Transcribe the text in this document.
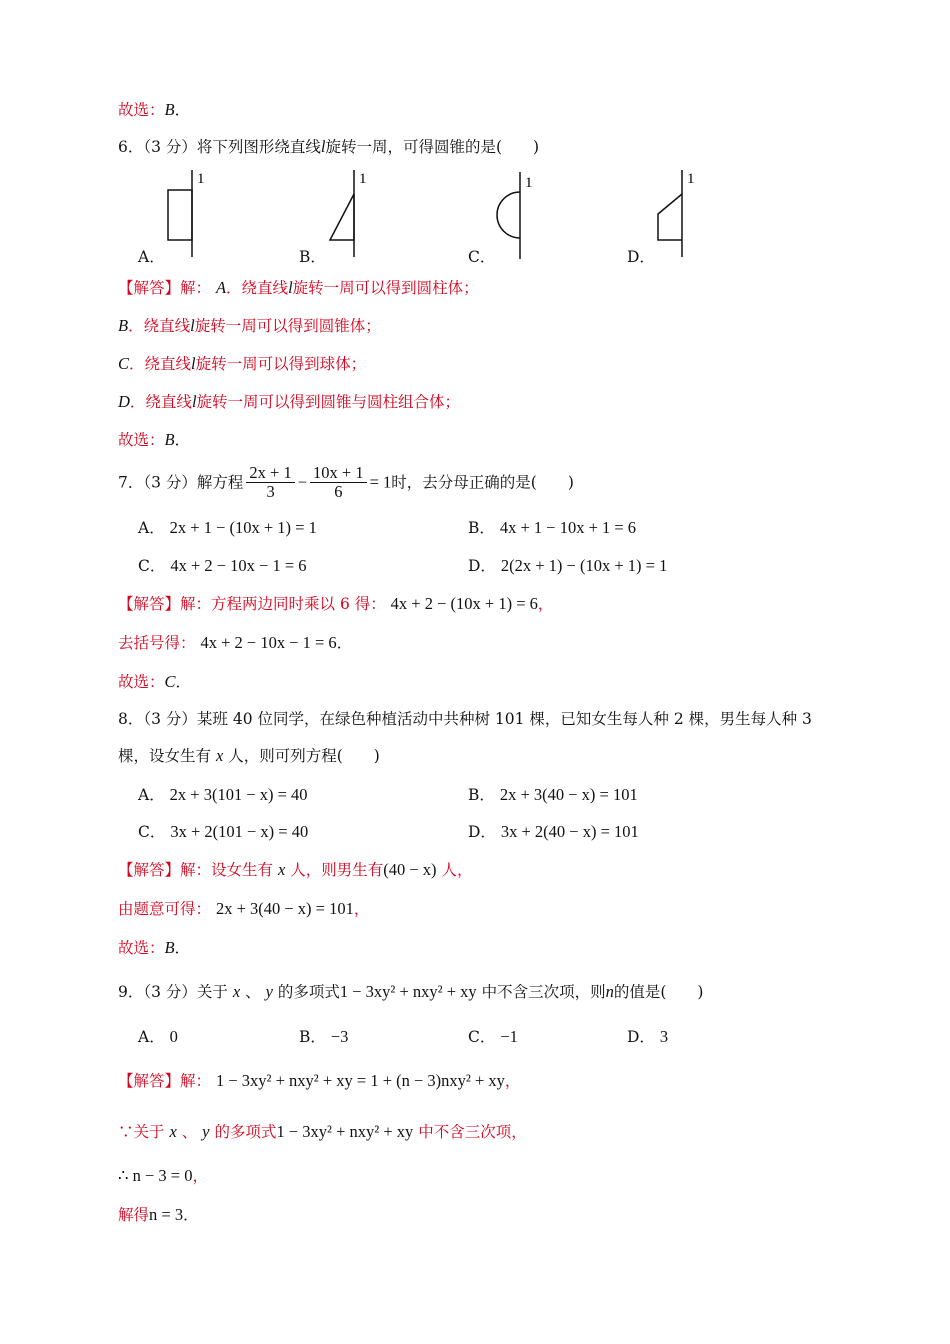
故选：B．
6．（3 分）将下列图形绕直线l旋转一周，可得圆锥的是(　　)
1
A．
1
B．
1
C．
1
D．
【解答】解： A．绕直线l旋转一周可以得到圆柱体；
B．绕直线l旋转一周可以得到圆锥体；
C．绕直线l旋转一周可以得到球体；
D．绕直线l旋转一周可以得到圆锥与圆柱组合体；
故选：B．
7．（3 分）解方程 $\frac{2x + 1}{3} - \frac{10x + 1}{6} = 1$时，去分母正确的是(　　)
A． 2x + 1 − (10x + 1) = 1	B． 4x + 1 − 10x + 1 = 6
C． 4x + 2 − 10x − 1 = 6	D． 2(2x + 1) − (10x + 1) = 1
【解答】解：方程两边同时乘以 6 得： 4x + 2 − (10x + 1) = 6，
去括号得： 4x + 2 − 10x − 1 = 6．
故选：C．
8．（3 分）某班 40 位同学，在绿色种植活动中共种树 101 棵，已知女生每人种 2 棵，男生每人种 3
棵，设女生有 x 人，则可列方程(　　)
A． 2x + 3(101 − x) = 40	B． 2x + 3(40 − x) = 101
C． 3x + 2(101 − x) = 40	D． 3x + 2(40 − x) = 101
【解答】解：设女生有 x 人，则男生有(40 − x) 人，
由题意可得： 2x + 3(40 − x) = 101，
故选：B．
9．（3 分）关于 x 、 y 的多项式1 − 3xy² + nxy² + xy 中不含三次项，则n的值是(　　)
A． 0	B． −3	C． −1	D． 3
【解答】解： 1 − 3xy² + nxy² + xy = 1 + (n − 3)nxy² + xy，
∵关于 x 、 y 的多项式1 − 3xy² + nxy² + xy 中不含三次项，
∴ n − 3 = 0，
解得n = 3．
